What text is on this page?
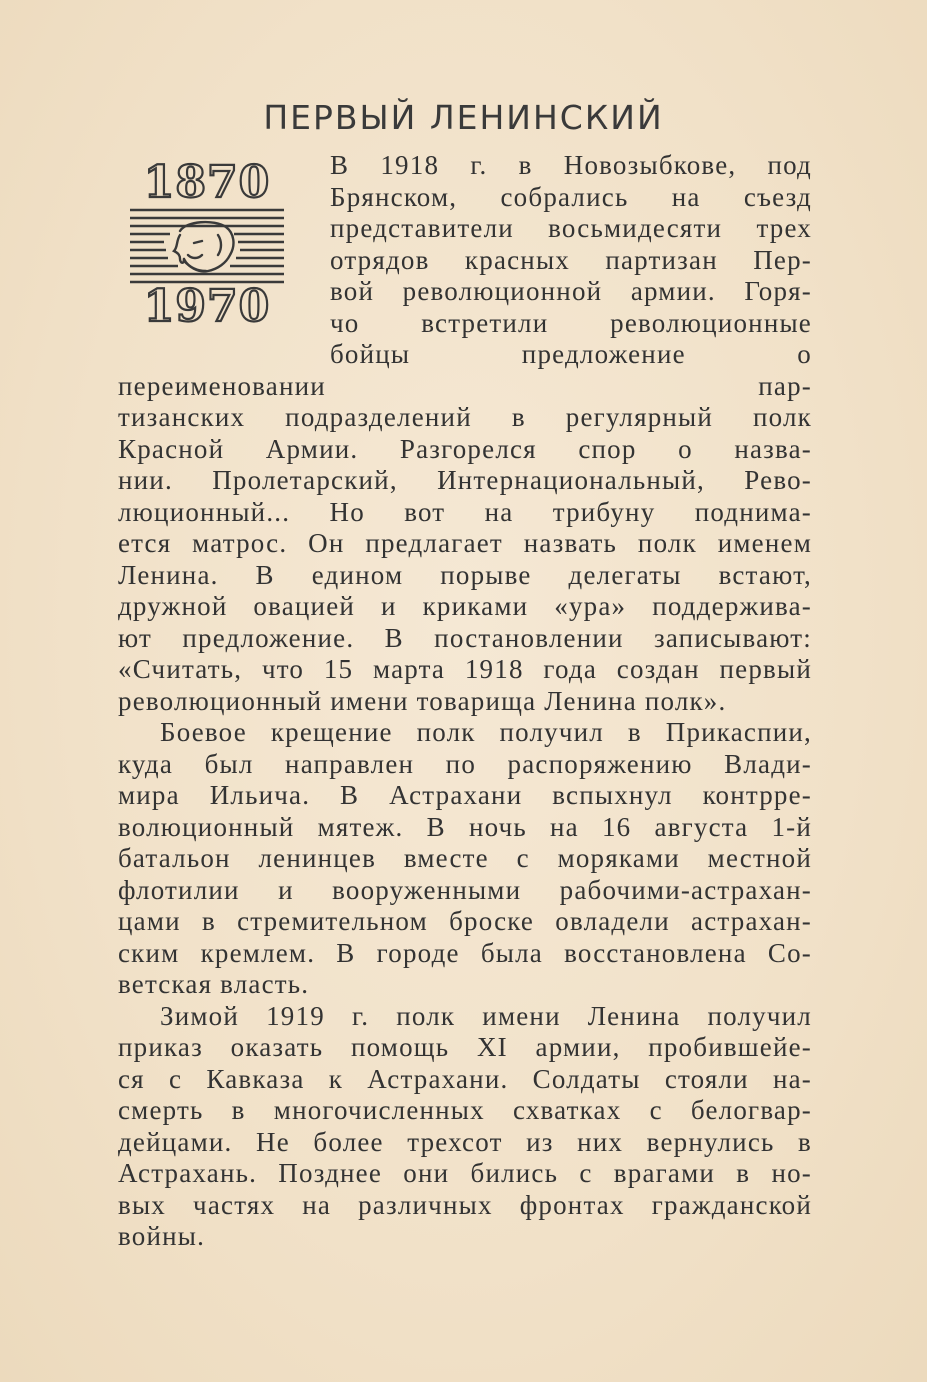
ПЕРВЫЙ ЛЕНИНСКИЙ
1870
1970

В 1918 г. в Новозыбкове, под

Брянском, собрались на съезд

представители восьмидесяти трех

отрядов красных партизан Пер-

вой революционной армии. Горя-

чо встретили революционные

бойцы предложение о переименовании пар-

тизанских подразделений в регулярный полк

Красной Армии. Разгорелся спор о назва-

нии. Пролетарский, Интернациональный, Рево-

люционный... Но вот на трибуну поднима-

ется матрос. Он предлагает назвать полк именем

Ленина. В едином порыве делегаты встают,

дружной овацией и криками «ура» поддержива-

ют предложение. В постановлении записывают:

«Считать, что 15 марта 1918 года создан первый

революционный имени товарища Ленина полк».

Боевое крещение полк получил в Прикаспии,

куда был направлен по распоряжению Влади-

мира Ильича. В Астрахани вспыхнул контрре-

волюционный мятеж. В ночь на 16 августа 1-й

батальон ленинцев вместе с моряками местной

флотилии и вооруженными рабочими-астрахан-

цами в стремительном броске овладели астрахан-

ским кремлем. В городе была восстановлена Со-

ветская власть.

Зимой 1919 г. полк имени Ленина получил

приказ оказать помощь XI армии, пробившейе-

ся с Кавказа к Астрахани. Солдаты стояли на-

смерть в многочисленных схватках с белогвар-

дейцами. Не более трехсот из них вернулись в

Астрахань. Позднее они бились с врагами в но-

вых частях на различных фронтах гражданской

войны.
